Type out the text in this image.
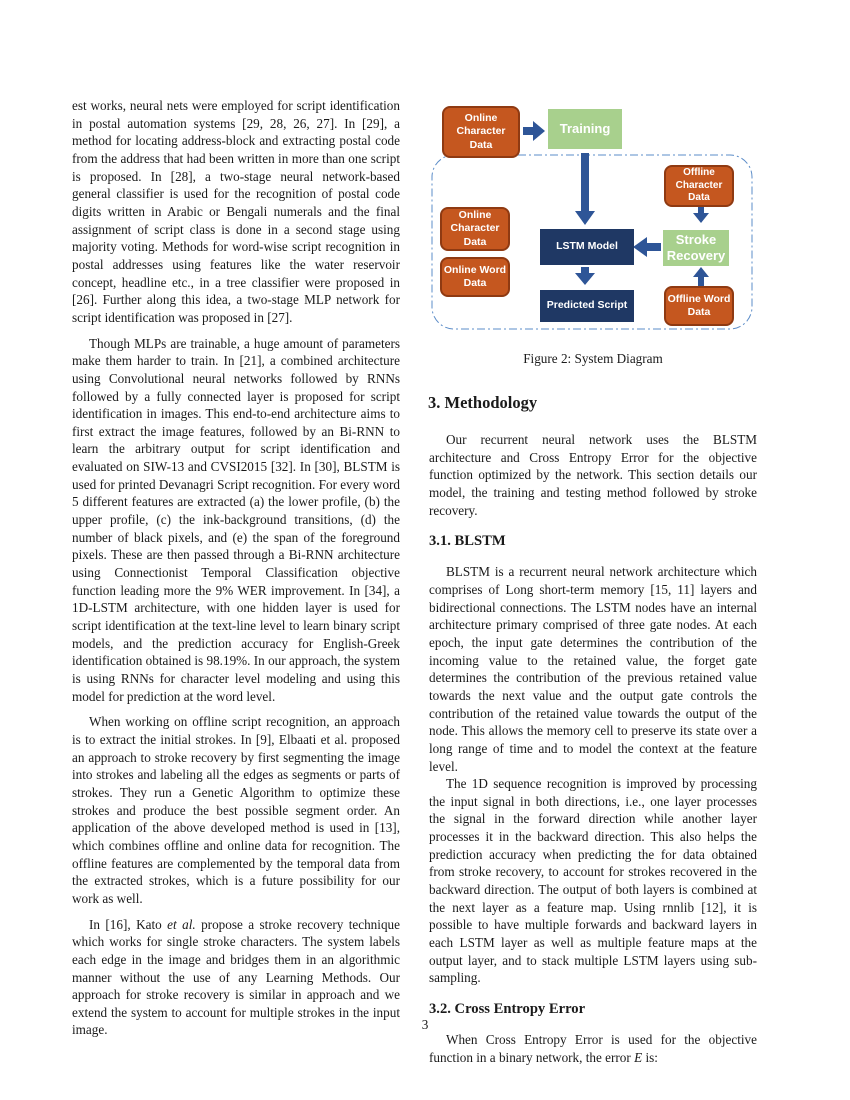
est works, neural nets were employed for script identification in postal automation systems [29, 28, 26, 27]. In [29], a method for locating address-block and extracting postal code from the address that had been written in more than one script is proposed. In [28], a two-stage neural network-based general classifier is used for the recognition of postal code digits written in Arabic or Bengali numerals and the final assignment of script class is done in a second stage using majority voting. Methods for word-wise script recognition in postal addresses using features like the water reservoir concept, headline etc., in a tree classifier were proposed in [26]. Further along this idea, a two-stage MLP network for script identification was proposed in [27].

Though MLPs are trainable, a huge amount of parameters make them harder to train. In [21], a combined architecture using Convolutional neural networks followed by RNNs followed by a fully connected layer is proposed for script identification in images. This end-to-end architecture aims to first extract the image features, followed by an Bi-RNN to learn the arbitrary output for script identification and evaluated on SIW-13 and CVSI2015 [32]. In [30], BLSTM is used for printed Devanagri Script recognition. For every word 5 different features are extracted (a) the lower profile, (b) the upper profile, (c) the ink-background transitions, (d) the number of black pixels, and (e) the span of the foreground pixels. These are then passed through a Bi-RNN architecture using Connectionist Temporal Classification objective function leading more the 9% WER improvement. In [34], a 1D-LSTM architecture, with one hidden layer is used for script identification at the text-line level to learn binary script models, and the prediction accuracy for English-Greek identification obtained is 98.19%. In our approach, the system is using RNNs for character level modeling and using this model for prediction at the word level.

When working on offline script recognition, an approach is to extract the initial strokes. In [9], Elbaati et al. proposed an approach to stroke recovery by first segmenting the image into strokes and labeling all the edges as segments or parts of strokes. They run a Genetic Algorithm to optimize these strokes and produce the best possible segment order. An application of the above developed method is used in [13], which combines offline and online data for recognition. The offline features are complemented by the temporal data from the extracted strokes, which is a future possibility for our work as well.

In [16], Kato et al. propose a stroke recovery technique which works for single stroke characters. The system labels each edge in the image and bridges them in an algorithmic manner without the use of any Learning Methods. Our approach for stroke recovery is similar in approach and we extend the system to account for multiple strokes in the input image.

Online Character Data
Training
Offline Character Data
Online Character Data	LSTM Model	Stroke Recovery
Online Word Data
Predicted Script
Offline Word Data
Figure 2: System Diagram
3. Methodology

Our recurrent neural network uses the BLSTM architecture and Cross Entropy Error for the objective function optimized by the network. This section details our model, the training and testing method followed by stroke recovery.

3.1. BLSTM

BLSTM is a recurrent neural network architecture which comprises of Long short-term memory [15, 11] layers and bidirectional connections. The LSTM nodes have an internal architecture primary comprised of three gate nodes. At each epoch, the input gate determines the contribution of the incoming value to the retained value, the forget gate determines the contribution of the previous retained value towards the next value and the output gate controls the contribution of the retained value towards the output of the node. This allows the memory cell to preserve its state over a long range of time and to model the context at the feature level.

The 1D sequence recognition is improved by processing the input signal in both directions, i.e., one layer processes the signal in the forward direction while another layer processes it in the backward direction. This also helps the prediction accuracy when predicting the for data obtained from stroke recovery, to account for strokes recovered in the backward direction. The output of both layers is combined at the next layer as a feature map. Using rnnlib [12], it is possible to have multiple forwards and backward layers in each LSTM layer as well as multiple feature maps at the output layer, and to stack multiple LSTM layers using sub-sampling.

3.2. Cross Entropy Error

When Cross Entropy Error is used for the objective function in a binary network, the error E is:

3
